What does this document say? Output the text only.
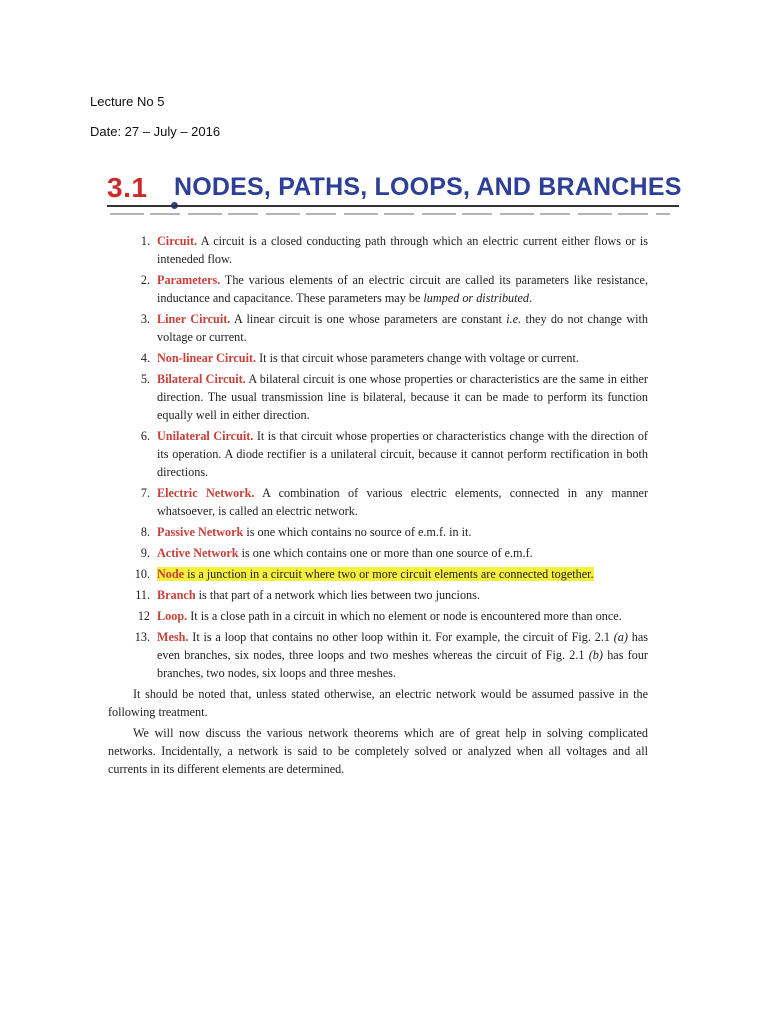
Lecture No 5
Date: 27 – July – 2016
3.1 NODES, PATHS, LOOPS, AND BRANCHES
1. Circuit. A circuit is a closed conducting path through which an electric current either flows or is inteneded flow.
2. Parameters. The various elements of an electric circuit are called its parameters like resistance, inductance and capacitance. These parameters may be lumped or distributed.
3. Liner Circuit. A linear circuit is one whose parameters are constant i.e. they do not change with voltage or current.
4. Non-linear Circuit. It is that circuit whose parameters change with voltage or current.
5. Bilateral Circuit. A bilateral circuit is one whose properties or characteristics are the same in either direction. The usual transmission line is bilateral, because it can be made to perform its function equally well in either direction.
6. Unilateral Circuit. It is that circuit whose properties or characteristics change with the direction of its operation. A diode rectifier is a unilateral circuit, because it cannot perform rectification in both directions.
7. Electric Network. A combination of various electric elements, connected in any manner whatsoever, is called an electric network.
8. Passive Network is one which contains no source of e.m.f. in it.
9. Active Network is one which contains one or more than one source of e.m.f.
10. Node is a junction in a circuit where two or more circuit elements are connected together.
11. Branch is that part of a network which lies between two juncions.
12 Loop. It is a close path in a circuit in which no element or node is encountered more than once.
13. Mesh. It is a loop that contains no other loop within it. For example, the circuit of Fig. 2.1 (a) has even branches, six nodes, three loops and two meshes whereas the circuit of Fig. 2.1 (b) has four branches, two nodes, six loops and three meshes.

It should be noted that, unless stated otherwise, an electric network would be assumed passive in the following treatment.

We will now discuss the various network theorems which are of great help in solving complicated networks. Incidentally, a network is said to be completely solved or analyzed when all voltages and all currents in its different elements are determined.
